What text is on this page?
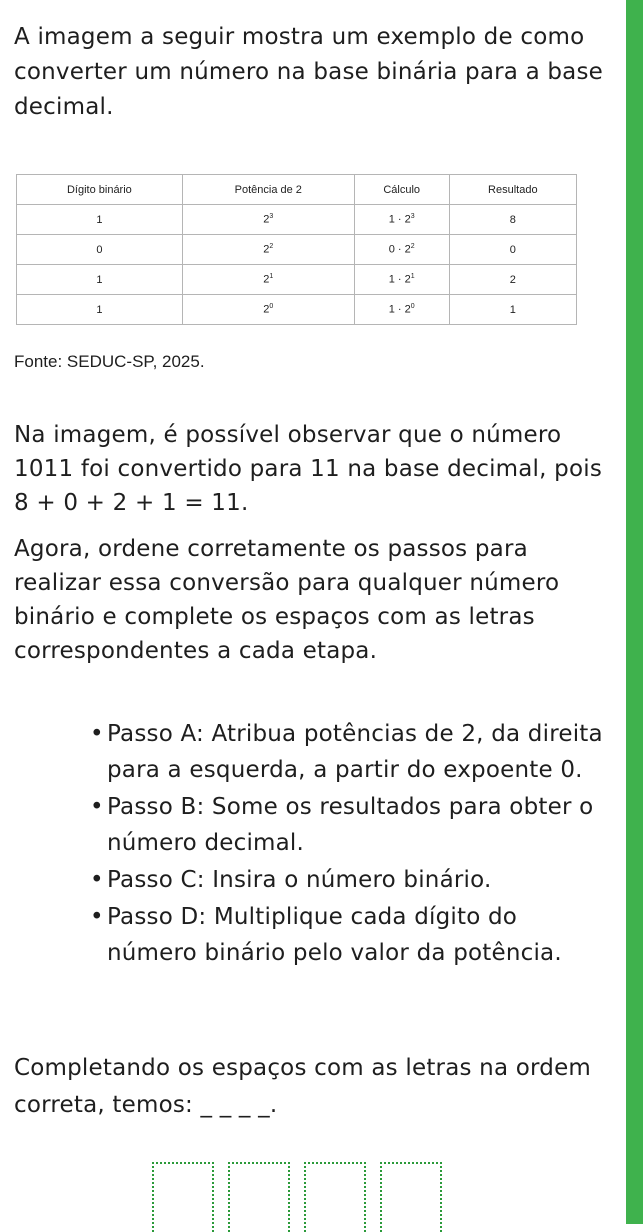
A imagem a seguir mostra um exemplo de como converter um número na base binária para a base decimal.

Dígito binário	Potência de 2	Cálculo	Resultado
1	$2^3$	$1 \cdot 2^3$	8
0	$2^2$	$0 \cdot 2^2$	0
1	$2^1$	$1 \cdot 2^1$	2
1	$2^0$	$1 \cdot 2^0$	1
Fonte: SEDUC-SP, 2025.
Na imagem, é possível observar que o número 1011 foi convertido para 11 na base decimal, pois 8 + 0 + 2 + 1 = 11.
Agora, ordene corretamente os passos para realizar essa conversão para qualquer número binário e complete os espaços com as letras correspondentes a cada etapa.
• Passo A: Atribua potências de 2, da direita para a esquerda, a partir do expoente 0.
• Passo B: Some os resultados para obter o número decimal.
• Passo C: Insira o número binário.
• Passo D: Multiplique cada dígito do número binário pelo valor da potência.
Completando os espaços com as letras na ordem correta, temos: _ _ _ _.
